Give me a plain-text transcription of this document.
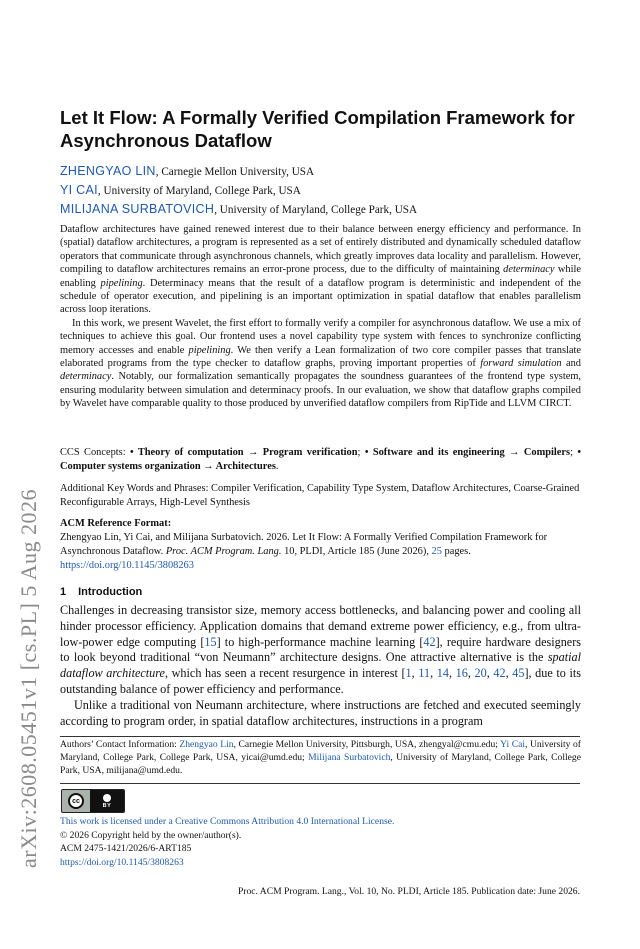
arXiv:2608.05451v1 [cs.PL] 5 Aug 2026
Let It Flow: A Formally Verified Compilation Framework for Asynchronous Dataflow
ZHENGYAO LIN, Carnegie Mellon University, USA
YI CAI, University of Maryland, College Park, USA
MILIJANA SURBATOVICH, University of Maryland, College Park, USA

Dataflow architectures have gained renewed interest due to their balance between energy efficiency and performance. In (spatial) dataflow architectures, a program is represented as a set of entirely distributed and dynamically scheduled dataflow operators that communicate through asynchronous channels, which greatly improves data locality and parallelism. However, compiling to dataflow architectures remains an error-prone process, due to the difficulty of maintaining determinacy while enabling pipelining. Determinacy means that the result of a dataflow program is deterministic and independent of the schedule of operator execution, and pipelining is an important optimization in spatial dataflow that enables parallelism across loop iterations.

In this work, we present Wavelet, the first effort to formally verify a compiler for asynchronous dataflow. We use a mix of techniques to achieve this goal. Our frontend uses a novel capability type system with fences to synchronize conflicting memory accesses and enable pipelining. We then verify a Lean formalization of two core compiler passes that translate elaborated programs from the type checker to dataflow graphs, proving important properties of forward simulation and determinacy. Notably, our formalization semantically propagates the soundness guarantees of the frontend type system, ensuring modularity between simulation and determinacy proofs. In our evaluation, we show that dataflow graphs compiled by Wavelet have comparable quality to those produced by unverified dataflow compilers from RipTide and LLVM CIRCT.

CCS Concepts: • Theory of computation → Program verification; • Software and its engineering → Compilers; • Computer systems organization → Architectures.
Additional Key Words and Phrases: Compiler Verification, Capability Type System, Dataflow Architectures, Coarse-Grained Reconfigurable Arrays, High-Level Synthesis
ACM Reference Format:
Zhengyao Lin, Yi Cai, and Milijana Surbatovich. 2026. Let It Flow: A Formally Verified Compilation Framework for Asynchronous Dataflow. Proc. ACM Program. Lang. 10, PLDI, Article 185 (June 2026), 25 pages. https://doi.org/10.1145/3808263
1 Introduction

Challenges in decreasing transistor size, memory access bottlenecks, and balancing power and cooling all hinder processor efficiency. Application domains that demand extreme power efficiency, e.g., from ultra-low-power edge computing [15] to high-performance machine learning [42], require hardware designers to look beyond traditional “von Neumann” architecture designs. One attractive alternative is the spatial dataflow architecture, which has seen a recent resurgence in interest [1, 11, 14, 16, 20, 42, 45], due to its outstanding balance of power efficiency and performance.

Unlike a traditional von Neumann architecture, where instructions are fetched and executed seemingly according to program order, in spatial dataflow architectures, instructions in a program

Authors’ Contact Information: Zhengyao Lin, Carnegie Mellon University, Pittsburgh, USA, zhengyal@cmu.edu; Yi Cai, University of Maryland, College Park, College Park, USA, yicai@umd.edu; Milijana Surbatovich, University of Maryland, College Park, College Park, USA, milijana@umd.edu.
cc
BY
This work is licensed under a Creative Commons Attribution 4.0 International License.
© 2026 Copyright held by the owner/author(s).
ACM 2475-1421/2026/6-ART185
https://doi.org/10.1145/3808263
Proc. ACM Program. Lang., Vol. 10, No. PLDI, Article 185. Publication date: June 2026.
